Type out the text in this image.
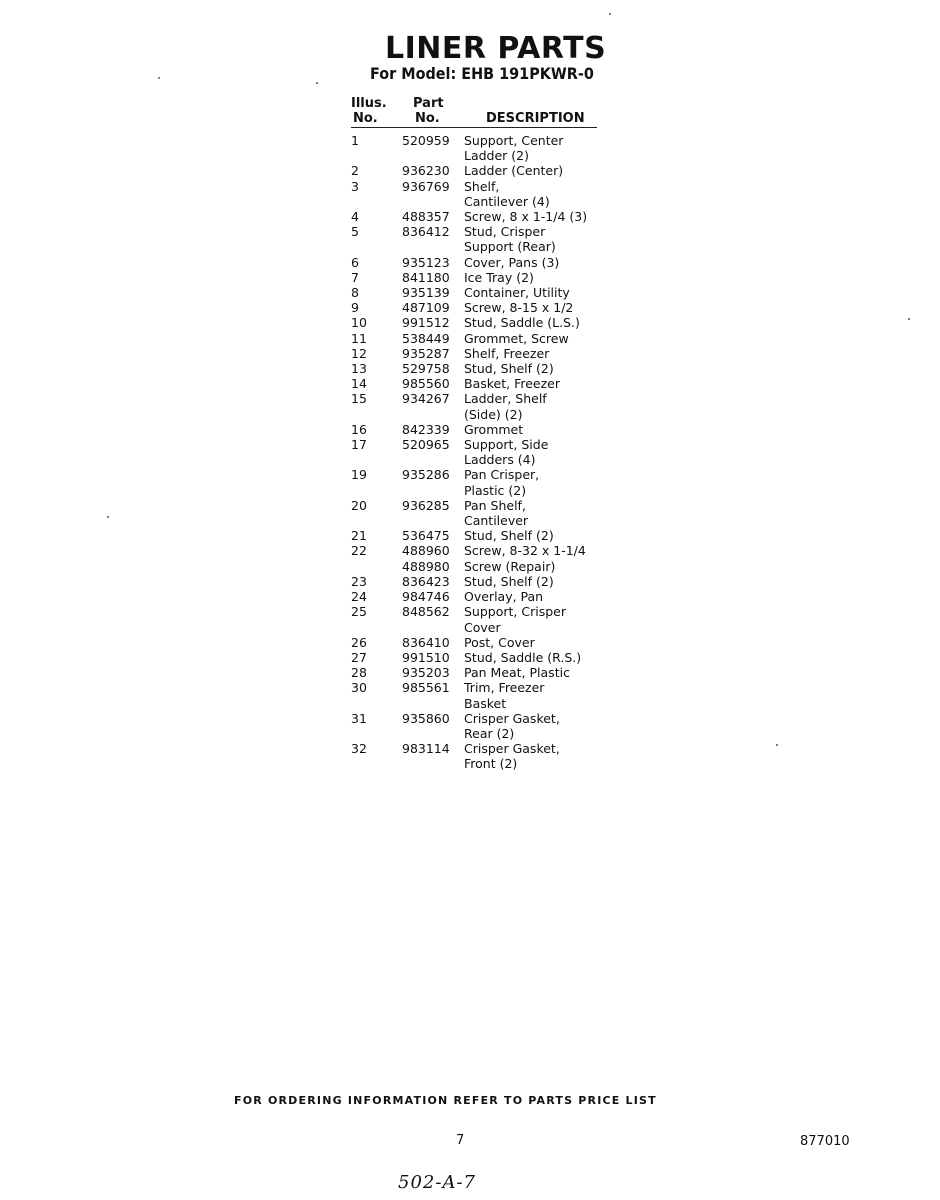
LINER PARTS
For Model: EHB 191PKWR-0
Illus.
No.
Part
No.	DESCRIPTION
1	520959 Support, Center
Ladder (2)
2	936230 Ladder (Center)
3	936769 Shelf,
Cantilever (4)
4	488357 Screw, 8 x 1-1/4 (3)
5	836412 Stud, Crisper
Support (Rear)
6	935123 Cover, Pans (3)
7	841180 Ice Tray (2)
8	935139 Container, Utility
9	487109 Screw, 8-15 x 1/2
10	991512 Stud, Saddle (L.S.)
11	538449 Grommet, Screw
12	935287 Shelf, Freezer
13	529758 Stud, Shelf (2)
14	985560 Basket, Freezer
15	934267 Ladder, Shelf
(Side) (2)
16	842339 Grommet
17	520965 Support, Side
Ladders (4)
19	935286 Pan Crisper,
Plastic (2)
20	936285 Pan Shelf,
Cantilever
21	536475 Stud, Shelf (2)
22	488960 Screw, 8-32 x 1-1/4
488980 Screw (Repair)
23	836423 Stud, Shelf (2)
24	984746 Overlay, Pan
25	848562 Support, Crisper
Cover
26	836410 Post, Cover
27	991510 Stud, Saddle (R.S.)
28	935203 Pan Meat, Plastic
30	985561 Trim, Freezer
Basket
31	935860 Crisper Gasket,
Rear (2)
32	983114 Crisper Gasket,
Front (2)
FOR ORDERING INFORMATION REFER TO PARTS PRICE LIST
7	877010
502-A-7
